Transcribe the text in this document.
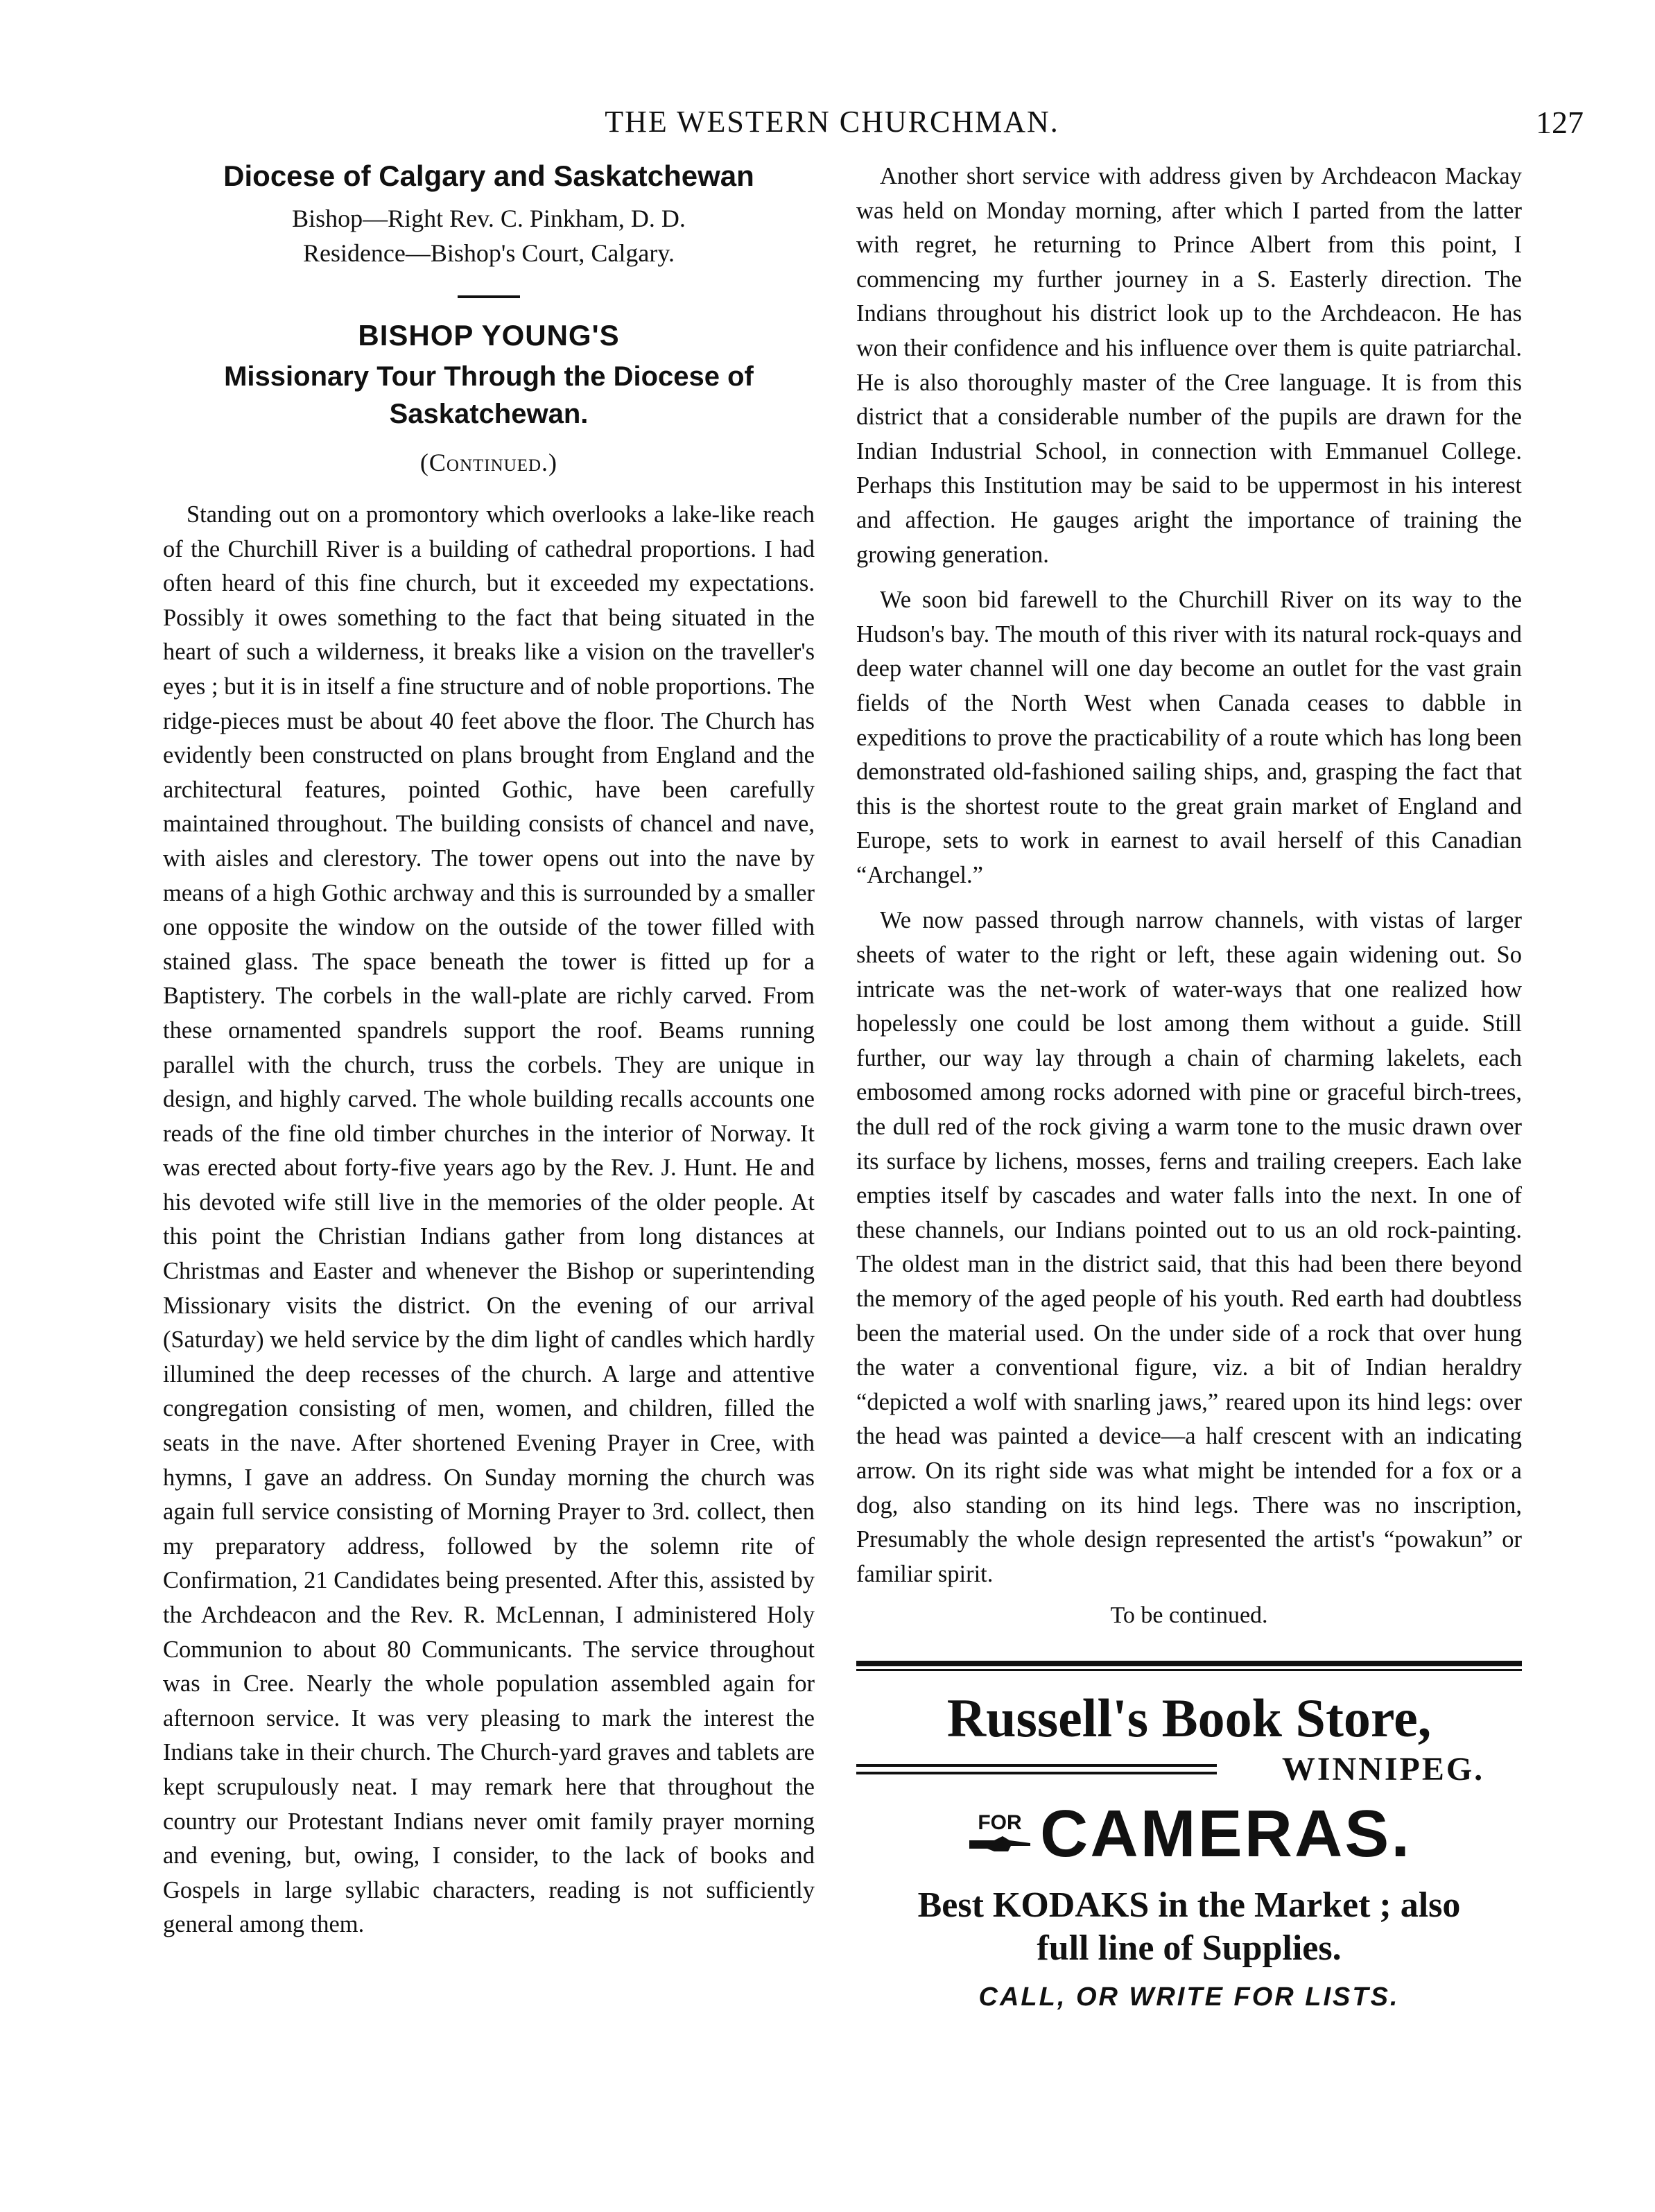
THE WESTERN CHURCHMAN.	127
Diocese of Calgary and Saskatchewan
Bishop—Right Rev. C. Pinkham, D. D.
Residence—Bishop's Court, Calgary.
BISHOP YOUNG'S
Missionary Tour Through the Diocese of
Saskatchewan.
(Continued.)

Standing out on a promontory which overlooks a lake-like reach of the Churchill River is a building of cathedral proportions. I had often heard of this fine church, but it exceeded my expectations. Possibly it owes something to the fact that being situated in the heart of such a wilderness, it breaks like a vision on the traveller's eyes ; but it is in itself a fine structure and of noble proportions. The ridge-pieces must be about 40 feet above the floor. The Church has evidently been constructed on plans brought from England and the architectural features, pointed Gothic, have been carefully maintained throughout. The building consists of chancel and nave, with aisles and clerestory. The tower opens out into the nave by means of a high Gothic archway and this is surrounded by a smaller one opposite the window on the outside of the tower filled with stained glass. The space beneath the tower is fitted up for a Baptistery. The corbels in the wall-plate are richly carved. From these ornamented spandrels support the roof. Beams running parallel with the church, truss the corbels. They are unique in design, and highly carved. The whole building recalls accounts one reads of the fine old timber churches in the interior of Norway. It was erected about forty-five years ago by the Rev. J. Hunt. He and his devoted wife still live in the memories of the older people. At this point the Christian Indians gather from long distances at Christmas and Easter and whenever the Bishop or superintending Missionary visits the district. On the evening of our arrival (Saturday) we held service by the dim light of candles which hardly illumined the deep recesses of the church. A large and attentive congregation consisting of men, women, and children, filled the seats in the nave. After shortened Evening Prayer in Cree, with hymns, I gave an address. On Sunday morning the church was again full service consisting of Morning Prayer to 3rd. collect, then my preparatory address, followed by the solemn rite of Confirmation, 21 Candidates being presented. After this, assisted by the Archdeacon and the Rev. R. McLennan, I administered Holy Communion to about 80 Communicants. The service throughout was in Cree. Nearly the whole population assembled again for afternoon service. It was very pleasing to mark the interest the Indians take in their church. The Church-yard graves and tablets are kept scrupulously neat. I may remark here that throughout the country our Protestant Indians never omit family prayer morning and evening, but, owing, I consider, to the lack of books and Gospels in large syllabic characters, reading is not sufficiently general among them.

Another short service with address given by Archdeacon Mackay was held on Monday morning, after which I parted from the latter with regret, he returning to Prince Albert from this point, I commencing my further journey in a S. Easterly direction. The Indians throughout his district look up to the Archdeacon. He has won their confidence and his influence over them is quite patriarchal. He is also thoroughly master of the Cree language. It is from this district that a considerable number of the pupils are drawn for the Indian Industrial School, in connection with Emmanuel College. Perhaps this Institution may be said to be uppermost in his interest and affection. He gauges aright the importance of training the growing generation.

We soon bid farewell to the Churchill River on its way to the Hudson's bay. The mouth of this river with its natural rock-quays and deep water channel will one day become an outlet for the vast grain fields of the North West when Canada ceases to dabble in expeditions to prove the practicability of a route which has long been demonstrated old-fashioned sailing ships, and, grasping the fact that this is the shortest route to the great grain market of England and Europe, sets to work in earnest to avail herself of this Canadian “Archangel.”

We now passed through narrow channels, with vistas of larger sheets of water to the right or left, these again widening out. So intricate was the net-work of water-ways that one realized how hopelessly one could be lost among them without a guide. Still further, our way lay through a chain of charming lakelets, each embosomed among rocks adorned with pine or graceful birch-trees, the dull red of the rock giving a warm tone to the music drawn over its surface by lichens, mosses, ferns and trailing creepers. Each lake empties itself by cascades and water falls into the next. In one of these channels, our Indians pointed out to us an old rock-painting. The oldest man in the district said, that this had been there beyond the memory of the aged people of his youth. Red earth had doubtless been the material used. On the under side of a rock that over hung the water a conventional figure, viz. a bit of Indian heraldry “depicted a wolf with snarling jaws,” reared upon its hind legs: over the head was painted a device—a half crescent with an indicating arrow. On its right side was what might be intended for a fox or a dog, also standing on its hind legs. There was no inscription, Presumably the whole design represented the artist's “powakun” or familiar spirit.

To be continued.
Russell's Book Store,
WINNIPEG.
FOR CAMERAS.
Best KODAKS in the Market ; also
full line of Supplies.
CALL, OR WRITE FOR LISTS.
